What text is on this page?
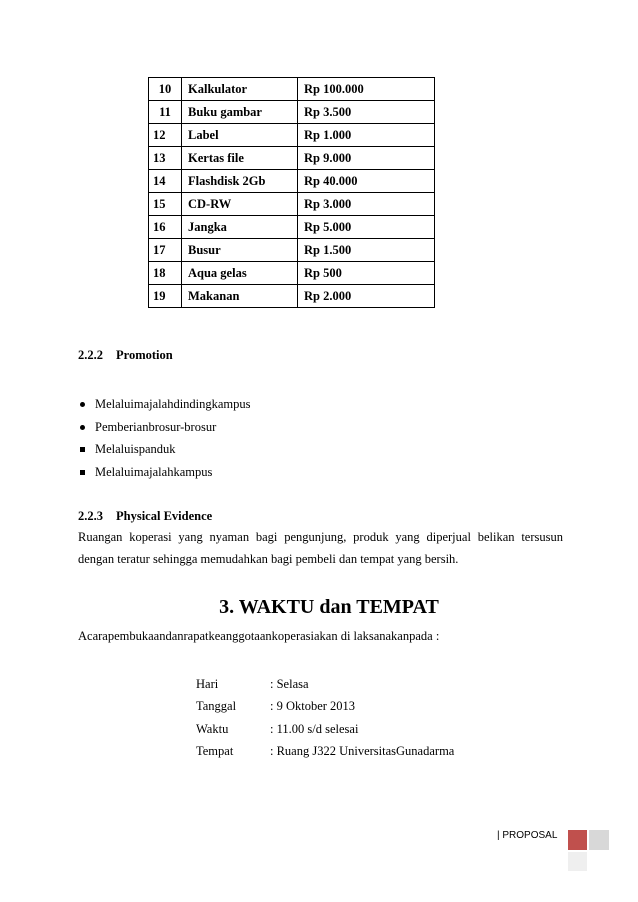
10	Kalkulator	Rp 100.000
11	Buku gambar	Rp 3.500
12	Label	Rp 1.000
13	Kertas file	Rp 9.000
14	Flashdisk 2Gb	Rp 40.000
15	CD-RW	Rp 3.000
16	Jangka	Rp 5.000
17	Busur	Rp 1.500
18	Aqua gelas	Rp 500
19	Makanan	Rp 2.000
2.2.2 Promotion
Melaluimajalahdindingkampus
Pemberianbrosur-brosur
Melaluispanduk
Melaluimajalahkampus
2.2.3 Physical Evidence
Ruangan koperasi yang nyaman bagi pengunjung, produk yang diperjual belikan tersusun
dengan teratur sehingga memudahkan bagi pembeli dan tempat yang bersih.
3. WAKTU dan TEMPAT
Acarapembukaandanrapatkeanggotaankoperasiakan di laksanakanpada :
Hari	: Selasa
Tanggal	: 9 Oktober 2013
Waktu	: 11.00 s/d selesai
Tempat	: Ruang J322 UniversitasGunadarma
| PROPOSAL
